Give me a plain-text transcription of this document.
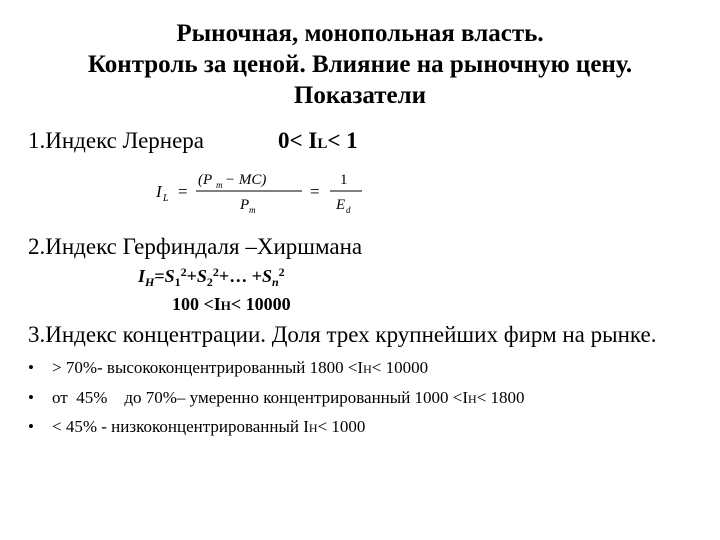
Рыночная, монопольная власть.
Контроль за ценой. Влияние на рыночную цену.
Показатели
1.Индекс Лернера	0< IL< 1
I L =
(P m − MC)
P m
=
1
E d
2.Индекс Герфиндаля –Хиршмана
$I_H=S_1^2+S_2^2+\dots +S_n^2$
100 <IH< 10000
3.Индекс концентрации. Доля трех крупнейших фирм на рынке.
• > 70%- высококонцентрированный 1800 <IH< 10000
• от  45%    до 70%– умеренно концентрированный 1000 <IH< 1800
• < 45% - низкоконцентрированный IH< 1000
